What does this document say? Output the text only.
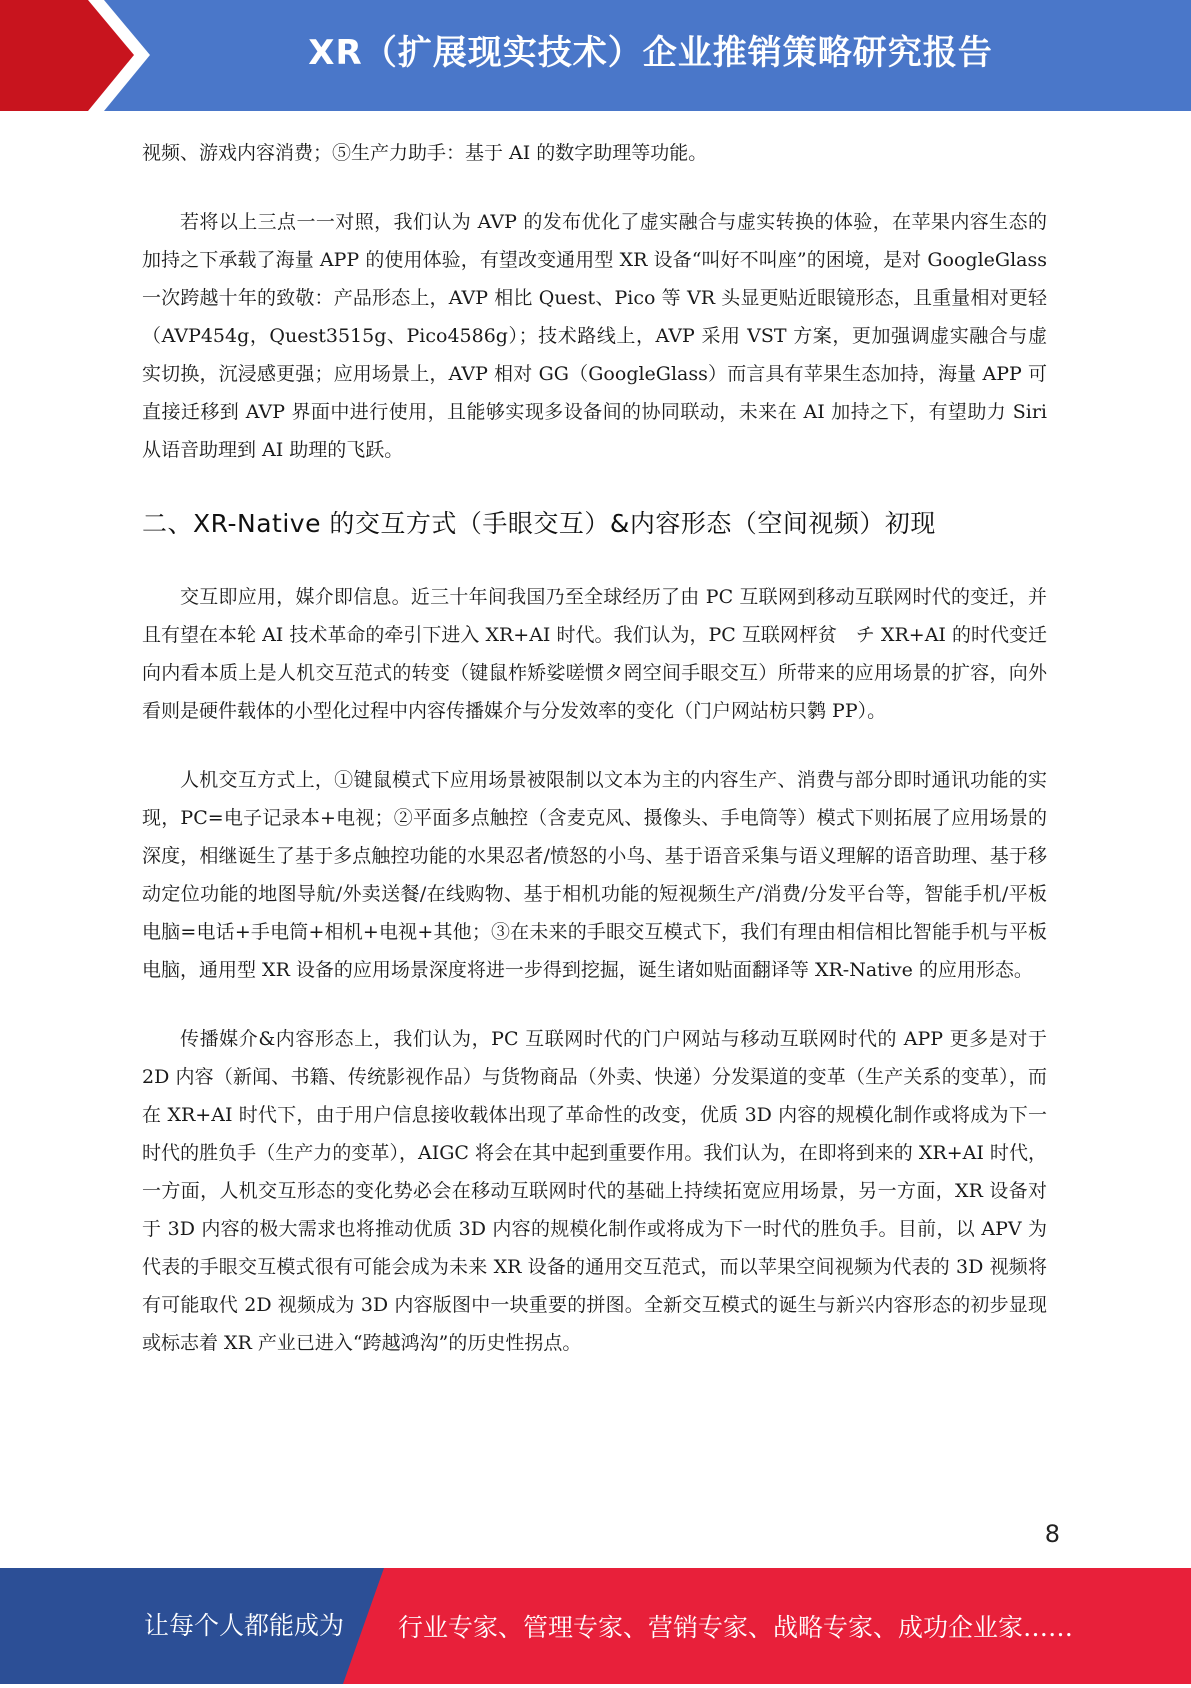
XR（扩展现实技术）企业推销策略研究报告

视频、游戏内容消费；⑤生产力助手：基于 AI 的数字助理等功能。

若将以上三点一一对照，我们认为 AVP 的发布优化了虚实融合与虚实转换的体验，在苹果内容生态的加持之下承载了海量 APP 的使用体验，有望改变通用型 XR 设备“叫好不叫座”的困境，是对 GoogleGlass 一次跨越十年的致敬：产品形态上，AVP 相比 Quest、Pico 等 VR 头显更贴近眼镜形态，且重量相对更轻（AVP454g，Quest3515g、Pico4586g）；技术路线上，AVP 采用 VST 方案，更加强调虚实融合与虚实切换，沉浸感更强；应用场景上，AVP 相对 GG（GoogleGlass）而言具有苹果生态加持，海量 APP 可直接迁移到 AVP 界面中进行使用，且能够实现多设备间的协同联动，未来在 AI 加持之下，有望助力 Siri 从语音助理到 AI 助理的飞跃。

二、XR-Native 的交互方式（手眼交互）&内容形态（空间视频）初现

交互即应用，媒介即信息。近三十年间我国乃至全球经历了由 PC 互联网到移动互联网时代的变迁，并且有望在本轮 AI 技术革命的牵引下进入 XR+AI 时代。我们认为，PC 互联网枰贫　チ XR+AI 的时代变迁向内看本质上是人机交互范式的转变（键鼠柞矫娑嗟惯タ罔空间手眼交互）所带来的应用场景的扩容，向外看则是硬件载体的小型化过程中内容传播媒介与分发效率的变化（门户网站枋只鹲 PP）。

人机交互方式上，①键鼠模式下应用场景被限制以文本为主的内容生产、消费与部分即时通讯功能的实现，PC=电子记录本+电视；②平面多点触控（含麦克风、摄像头、手电筒等）模式下则拓展了应用场景的深度，相继诞生了基于多点触控功能的水果忍者/愤怒的小鸟、基于语音采集与语义理解的语音助理、基于移动定位功能的地图导航/外卖送餐/在线购物、基于相机功能的短视频生产/消费/分发平台等，智能手机/平板电脑=电话+手电筒+相机+电视+其他；③在未来的手眼交互模式下，我们有理由相信相比智能手机与平板电脑，通用型 XR 设备的应用场景深度将进一步得到挖掘，诞生诸如贴面翻译等 XR-Native 的应用形态。

传播媒介&内容形态上，我们认为，PC 互联网时代的门户网站与移动互联网时代的 APP 更多是对于 2D 内容（新闻、书籍、传统影视作品）与货物商品（外卖、快递）分发渠道的变革（生产关系的变革），而在 XR+AI 时代下，由于用户信息接收载体出现了革命性的改变，优质 3D 内容的规模化制作或将成为下一时代的胜负手（生产力的变革），AIGC 将会在其中起到重要作用。我们认为，在即将到来的 XR+AI 时代，一方面，人机交互形态的变化势必会在移动互联网时代的基础上持续拓宽应用场景，另一方面，XR 设备对于 3D 内容的极大需求也将推动优质 3D 内容的规模化制作或将成为下一时代的胜负手。目前，以 APV 为代表的手眼交互模式很有可能会成为未来 XR 设备的通用交互范式，而以苹果空间视频为代表的 3D 视频将有可能取代 2D 视频成为 3D 内容版图中一块重要的拼图。全新交互模式的诞生与新兴内容形态的初步显现或标志着 XR 产业已进入“跨越鸿沟”的历史性拐点。

8
让每个人都能成为 行业专家、管理专家、营销专家、战略专家、成功企业家……
